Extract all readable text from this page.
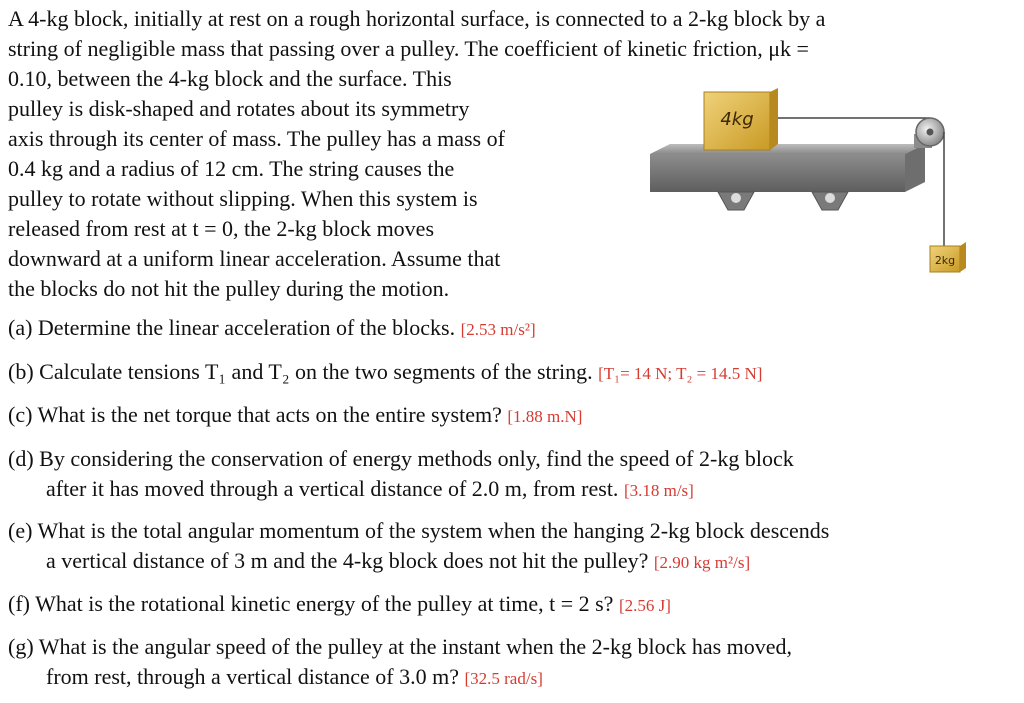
A 4-kg block, initially at rest on a rough horizontal surface, is connected to a 2-kg block by a
string of negligible mass that passing over a pulley. The coefficient of kinetic friction, μk =
0.10, between the 4-kg block and the surface. This
pulley is disk-shaped and rotates about its symmetry
axis through its center of mass. The pulley has a mass of
0.4 kg and a radius of 12 cm. The string causes the
pulley to rotate without slipping. When this system is
released from rest at t = 0, the 2-kg block moves
downward at a uniform linear acceleration. Assume that
the blocks do not hit the pulley during the motion.
4kg
2kg
(a) Determine the linear acceleration of the blocks. [2.53 m/s²]
(b) Calculate tensions T₁ and T₂ on the two segments of the string. [T₁= 14 N; T₂ = 14.5 N]
(c) What is the net torque that acts on the entire system? [1.88 m.N]
(d) By considering the conservation of energy methods only, find the speed of 2-kg block
after it has moved through a vertical distance of 2.0 m, from rest. [3.18 m/s]
(e) What is the total angular momentum of the system when the hanging 2-kg block descends
a vertical distance of 3 m and the 4-kg block does not hit the pulley? [2.90 kg m²/s]
(f) What is the rotational kinetic energy of the pulley at time, t = 2 s? [2.56 J]
(g) What is the angular speed of the pulley at the instant when the 2-kg block has moved,
from rest, through a vertical distance of 3.0 m? [32.5 rad/s]
